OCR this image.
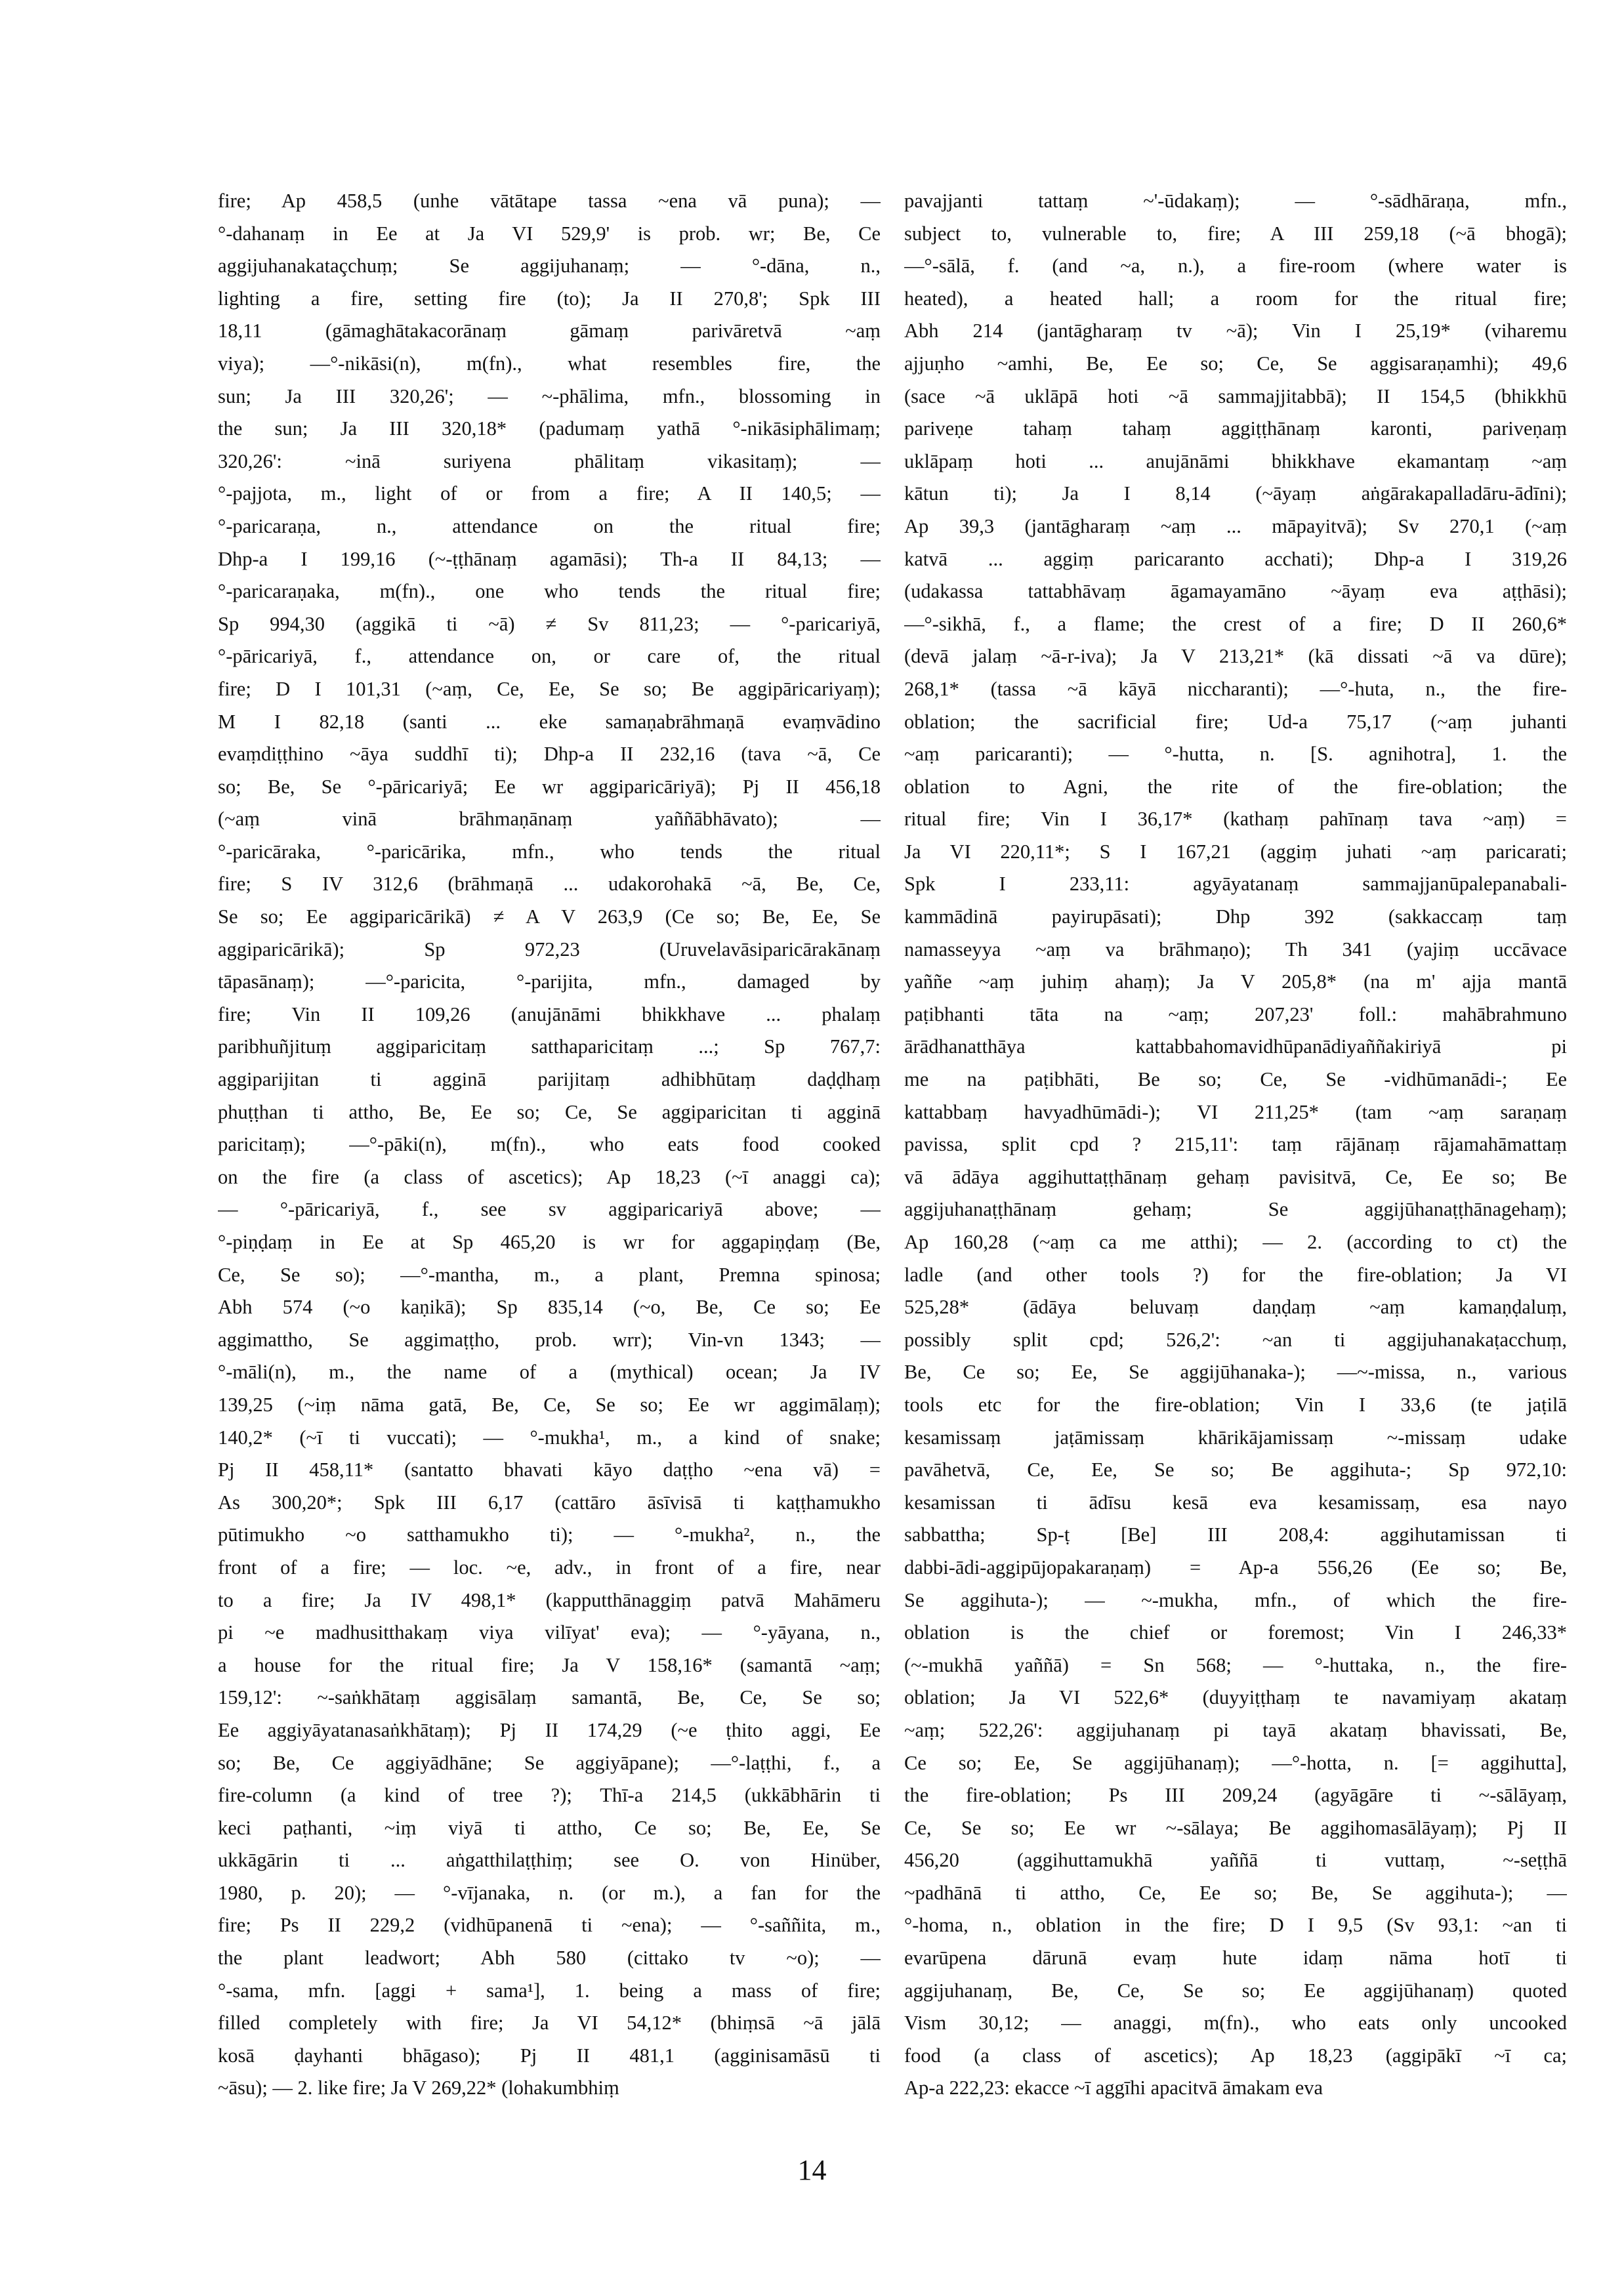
fire; Ap 458,5 (unhe vātātape tassa ~ena vā puna); —
°-dahanaṃ in Ee at Ja VI 529,9' is prob. wr; Be, Ce
aggijuhanakataçchuṃ; Se aggijuhanaṃ; — °-dāna, n.,
lighting a fire, setting fire (to); Ja II 270,8'; Spk III
18,11 (gāmaghātakacorānaṃ gāmaṃ parivāretvā ~aṃ
viya); —°-nikāsi(n), m(fn)., what resembles fire, the
sun; Ja III 320,26'; — ~-phālima, mfn., blossoming in
the sun; Ja III 320,18* (padumaṃ yathā °-nikāsiphālimaṃ;
320,26': ~inā suriyena phālitaṃ vikasitaṃ); —
°-pajjota, m., light of or from a fire; A II 140,5; —
°-paricaraṇa, n., attendance on the ritual fire;
Dhp-a I 199,16 (~-ṭṭhānaṃ agamāsi); Th-a II 84,13; —
°-paricaraṇaka, m(fn)., one who tends the ritual fire;
Sp 994,30 (aggikā ti ~ā) ≠ Sv 811,23; — °-paricariyā,
°-pāricariyā, f., attendance on, or care of, the ritual
fire; D I 101,31 (~aṃ, Ce, Ee, Se so; Be aggipāricariyaṃ);
M I 82,18 (santi ... eke samaṇabrāhmaṇā evaṃvādino
evaṃdiṭṭhino ~āya suddhī ti); Dhp-a II 232,16 (tava ~ā, Ce
so; Be, Se °-pāricariyā; Ee wr aggiparicāriyā); Pj II 456,18
(~aṃ vinā brāhmaṇānaṃ yaññābhāvato); —
°-paricāraka, °-paricārika, mfn., who tends the ritual
fire; S IV 312,6 (brāhmaṇā ... udakorohakā ~ā, Be, Ce,
Se so; Ee aggiparicārikā) ≠ A V 263,9 (Ce so; Be, Ee, Se
aggiparicārikā); Sp 972,23 (Uruvelavāsiparicārakānaṃ
tāpasānaṃ); —°-paricita, °-parijita, mfn., damaged by
fire; Vin II 109,26 (anujānāmi bhikkhave ... phalaṃ
paribhuñjituṃ aggiparicitaṃ satthaparicitaṃ ...; Sp 767,7:
aggiparijitan ti agginā parijitaṃ adhibhūtaṃ daḍḍhaṃ
phuṭṭhan ti attho, Be, Ee so; Ce, Se aggiparicitan ti agginā
paricitaṃ); —°-pāki(n), m(fn)., who eats food cooked
on the fire (a class of ascetics); Ap 18,23 (~ī anaggi ca);
— °-pāricariyā, f., see sv aggiparicariyā above; —
°-piṇḍaṃ in Ee at Sp 465,20 is wr for aggapiṇḍaṃ (Be,
Ce, Se so); —°-mantha, m., a plant, Premna spinosa;
Abh 574 (~o kaṇikā); Sp 835,14 (~o, Be, Ce so; Ee
aggimattho, Se aggimaṭṭho, prob. wrr); Vin-vn 1343; —
°-māli(n), m., the name of a (mythical) ocean; Ja IV
139,25 (~iṃ nāma gatā, Be, Ce, Se so; Ee wr aggimālaṃ);
140,2* (~ī ti vuccati); — °-mukha¹, m., a kind of snake;
Pj II 458,11* (santatto bhavati kāyo daṭṭho ~ena vā) =
As 300,20*; Spk III 6,17 (cattāro āsīvisā ti kaṭṭhamukho
pūtimukho ~o satthamukho ti); — °-mukha², n., the
front of a fire; — loc. ~e, adv., in front of a fire, near
to a fire; Ja IV 498,1* (kapputthānaggiṃ patvā Mahāmeru
pi ~e madhusitthakaṃ viya vilīyat' eva); — °-yāyana, n.,
a house for the ritual fire; Ja V 158,16* (samantā ~aṃ;
159,12': ~-saṅkhātaṃ aggisālaṃ samantā, Be, Ce, Se so;
Ee aggiyāyatanasaṅkhātaṃ); Pj II 174,29 (~e ṭhito aggi, Ee
so; Be, Ce aggiyādhāne; Se aggiyāpane); —°-laṭṭhi, f., a
fire-column (a kind of tree ?); Thī-a 214,5 (ukkābhārin ti
keci paṭhanti, ~iṃ viyā ti attho, Ce so; Be, Ee, Se
ukkāgārin ti ... aṅgatthilaṭṭhiṃ; see O. von Hinüber,
1980, p. 20); — °-vījanaka, n. (or m.), a fan for the
fire; Ps II 229,2 (vidhūpanenā ti ~ena); — °-saññita, m.,
the plant leadwort; Abh 580 (cittako tv ~o); —
°-sama, mfn. [aggi + sama¹], 1. being a mass of fire;
filled completely with fire; Ja VI 54,12* (bhiṃsā ~ā jālā
kosā ḍayhanti bhāgaso); Pj II 481,1 (agginisamāsū ti
~āsu); — 2. like fire; Ja V 269,22* (lohakumbhiṃ
pavajjanti tattaṃ ~'-ūdakaṃ); — °-sādhāraṇa, mfn.,
subject to, vulnerable to, fire; A III 259,18 (~ā bhogā);
—°-sālā, f. (and ~a, n.), a fire-room (where water is
heated), a heated hall; a room for the ritual fire;
Abh 214 (jantāgharaṃ tv ~ā); Vin I 25,19* (viharemu
ajjuṇho ~amhi, Be, Ee so; Ce, Se aggisaraṇamhi); 49,6
(sace ~ā uklāpā hoti ~ā sammajjitabbā); II 154,5 (bhikkhū
pariveṇe tahaṃ tahaṃ aggiṭṭhānaṃ karonti, pariveṇaṃ
uklāpaṃ hoti ... anujānāmi bhikkhave ekamantaṃ ~aṃ
kātun ti); Ja I 8,14 (~āyaṃ aṅgārakapalladāru-ādīni);
Ap 39,3 (jantāgharaṃ ~aṃ ... māpayitvā); Sv 270,1 (~aṃ
katvā ... aggiṃ paricaranto acchati); Dhp-a I 319,26
(udakassa tattabhāvaṃ āgamayamāno ~āyaṃ eva aṭṭhāsi);
—°-sikhā, f., a flame; the crest of a fire; D II 260,6*
(devā jalaṃ ~ā-r-iva); Ja V 213,21* (kā dissati ~ā va dūre);
268,1* (tassa ~ā kāyā niccharanti); —°-huta, n., the fire-
oblation; the sacrificial fire; Ud-a 75,17 (~aṃ juhanti
~aṃ paricaranti); — °-hutta, n. [S. agnihotra], 1. the
oblation to Agni, the rite of the fire-oblation; the
ritual fire; Vin I 36,17* (kathaṃ pahīnaṃ tava ~aṃ) =
Ja VI 220,11*; S I 167,21 (aggiṃ juhati ~aṃ paricarati;
Spk I 233,11: agyāyatanaṃ sammajjanūpalepanabali-
kammādinā payirupāsati); Dhp 392 (sakkaccaṃ taṃ
namasseyya ~aṃ va brāhmaṇo); Th 341 (yajiṃ uccāvace
yaññe ~aṃ juhiṃ ahaṃ); Ja V 205,8* (na m' ajja mantā
paṭibhanti tāta na ~aṃ; 207,23' foll.: mahābrahmuno
ārādhanatthāya kattabbahomavidhūpanādiyaññakiriyā pi
me na paṭibhāti, Be so; Ce, Se -vidhūmanādi-; Ee
kattabbaṃ havyadhūmādi-); VI 211,25* (tam ~aṃ saraṇaṃ
pavissa, split cpd ? 215,11': taṃ rājānaṃ rājamahāmattaṃ
vā ādāya aggihuttaṭṭhānaṃ gehaṃ pavisitvā, Ce, Ee so; Be
aggijuhanaṭṭhānaṃ gehaṃ; Se aggijūhanaṭṭhānagehaṃ);
Ap 160,28 (~aṃ ca me atthi); — 2. (according to ct) the
ladle (and other tools ?) for the fire-oblation; Ja VI
525,28* (ādāya beluvaṃ daṇḍaṃ ~aṃ kamaṇḍaluṃ,
possibly split cpd; 526,2': ~an ti aggijuhanakaṭacchuṃ,
Be, Ce so; Ee, Se aggijūhanaka-); —~-missa, n., various
tools etc for the fire-oblation; Vin I 33,6 (te jaṭilā
kesamissaṃ jaṭāmissaṃ khārikājamissaṃ ~-missaṃ udake
pavāhetvā, Ce, Ee, Se so; Be aggihuta-; Sp 972,10:
kesamissan ti ādīsu kesā eva kesamissaṃ, esa nayo
sabbattha; Sp-ṭ [Be] III 208,4: aggihutamissan ti
dabbi-ādi-aggipūjopakaraṇaṃ) = Ap-a 556,26 (Ee so; Be,
Se aggihuta-); — ~-mukha, mfn., of which the fire-
oblation is the chief or foremost; Vin I 246,33*
(~-mukhā yaññā) = Sn 568; — °-huttaka, n., the fire-
oblation; Ja VI 522,6* (duyyiṭṭhaṃ te navamiyaṃ akataṃ
~aṃ; 522,26': aggijuhanaṃ pi tayā akataṃ bhavissati, Be,
Ce so; Ee, Se aggijūhanaṃ); —°-hotta, n. [= aggihutta],
the fire-oblation; Ps III 209,24 (agyāgāre ti ~-sālāyaṃ,
Ce, Se so; Ee wr ~-sālaya; Be aggihomasālāyaṃ); Pj II
456,20 (aggihuttamukhā yaññā ti vuttaṃ, ~-seṭṭhā
~padhānā ti attho, Ce, Ee so; Be, Se aggihuta-); —
°-homa, n., oblation in the fire; D I 9,5 (Sv 93,1: ~an ti
evarūpena dārunā evaṃ hute idaṃ nāma hotī ti
aggijuhanaṃ, Be, Ce, Se so; Ee aggijūhanaṃ) quoted
Vism 30,12; — anaggi, m(fn)., who eats only uncooked
food (a class of ascetics); Ap 18,23 (aggipākī ~ī ca;
Ap-a 222,23: ekacce ~ī aggīhi apacitvā āmakam eva
14
